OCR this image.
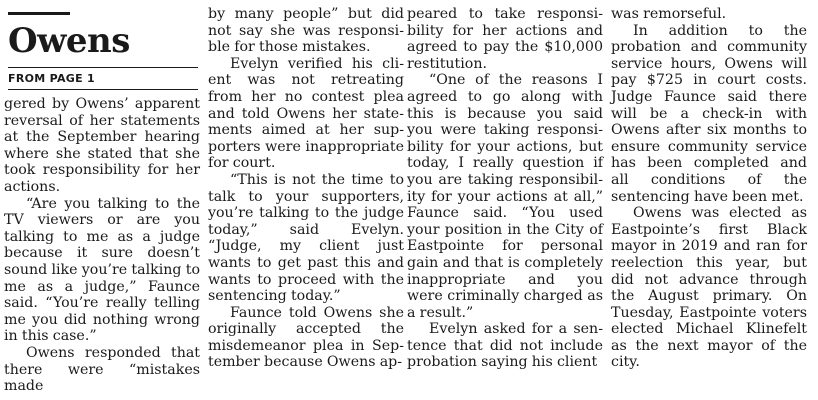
Owens
FROM PAGE 1

gered by Owens’ apparent reversal of her statements at the September hearing where she stated that she took responsibility for her actions.

“Are you talking to the TV viewers or are you talking to me as a judge because it sure doesn’t sound like you’re talking to me as a judge,” Faunce said. “You’re really telling me you did nothing wrong in this case.”

Owens responded that there were “mistakes made

by many people” but did not say she was responsible for those mistakes.

Evelyn verified his client was not retreating from her no contest plea and told Owens her statements aimed at her supporters were inappropriate for court.

“This is not the time to talk to your supporters, you’re talking to the judge today,” said Evelyn. “Judge, my client just wants to get past this and wants to proceed with the sentencing today.”

Faunce told Owens she originally accepted the misdemeanor plea in September because Owens ap-

peared to take responsibility for her actions and agreed to pay the $10,000 restitution.

“One of the reasons I agreed to go along with this is because you said you were taking responsibility for your actions, but today, I really question if you are taking responsibility for your actions at all,” Faunce said. “You used your position in the City of Eastpointe for personal gain and that is completely inappropriate and you were criminally charged as a result.”

Evelyn asked for a sentence that did not include probation saying his client

was remorseful.

In addition to the probation and community service hours, Owens will pay $725 in court costs. Judge Faunce said there will be a check-in with Owens after six months to ensure community service has been completed and all conditions of the sentencing have been met.

Owens was elected as Eastpointe’s first Black mayor in 2019 and ran for reelection this year, but did not advance through the August primary. On Tuesday, Eastpointe voters elected Michael Klinefelt as the next mayor of the city.
